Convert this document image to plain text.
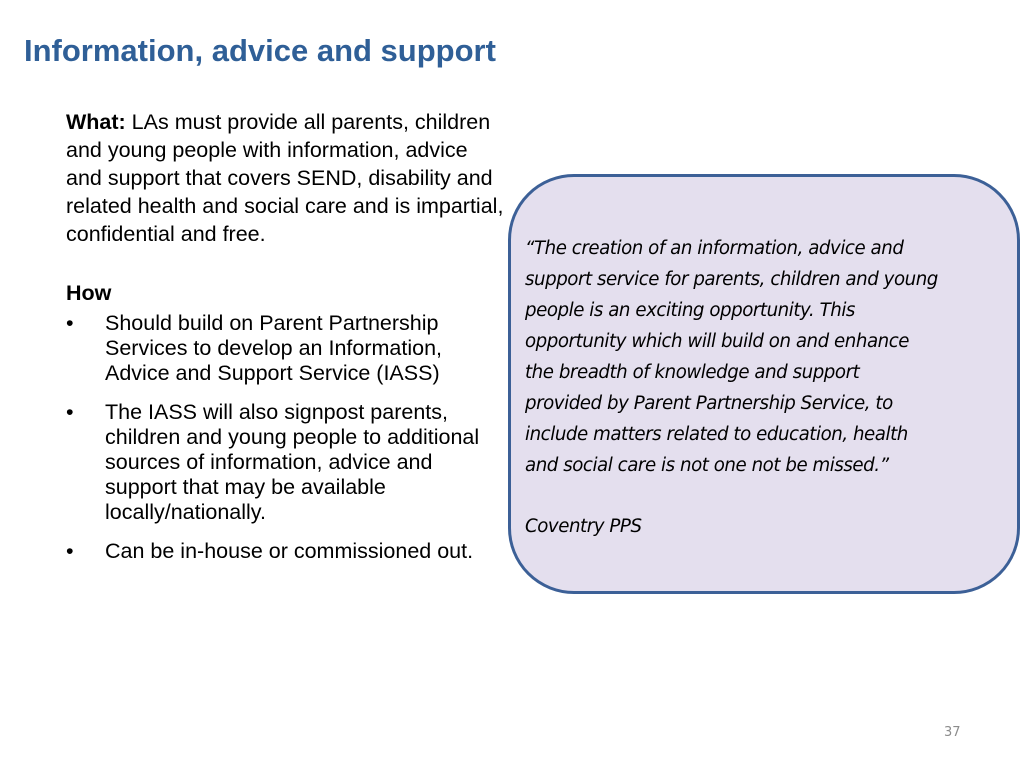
Information, advice and support

What: LAs must provide all parents, children and young people with information, advice and support that covers SEND, disability and related health and social care and is impartial, confidential and free.

How
• Should build on Parent Partnership Services to develop an Information, Advice and Support Service (IASS)
• The IASS will also signpost parents, children and young people to additional sources of information, advice and support that may be available locally/nationally.
• Can be in-house or commissioned out.

“The creation of an information, advice and
support service for parents, children and young
people is an exciting opportunity. This
opportunity which will build on and enhance
the breadth of knowledge and support
provided by Parent Partnership Service, to
include matters related to education, health
and social care is not one not be missed.”

Coventry PPS

37
